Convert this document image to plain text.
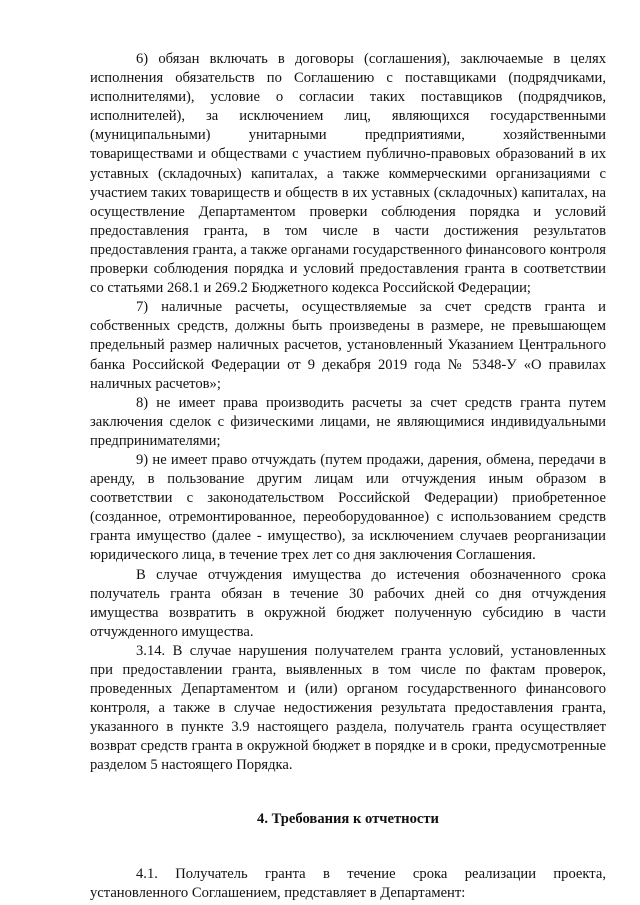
6) обязан включать в договоры (соглашения), заключаемые в целях исполнения обязательств по Соглашению с поставщиками (подрядчиками, исполнителями), условие о согласии таких поставщиков (подрядчиков, исполнителей), за исключением лиц, являющихся государственными (муниципальными) унитарными предприятиями, хозяйственными товариществами и обществами с участием публично-правовых образований в их уставных (складочных) капиталах, а также коммерческими организациями с участием таких товариществ и обществ в их уставных (складочных) капиталах, на осуществление Департаментом проверки соблюдения порядка и условий предоставления гранта, в том числе в части достижения результатов предоставления гранта, а также органами государственного финансового контроля проверки соблюдения порядка и условий предоставления гранта в соответствии со статьями 268.1 и 269.2 Бюджетного кодекса Российской Федерации;

7) наличные расчеты, осуществляемые за счет средств гранта и собственных средств, должны быть произведены в размере, не превышающем предельный размер наличных расчетов, установленный Указанием Центрального банка Российской Федерации от 9 декабря 2019 года № 5348-У «О правилах наличных расчетов»;

8) не имеет права производить расчеты за счет средств гранта путем заключения сделок с физическими лицами, не являющимися индивидуальными предпринимателями;

9) не имеет право отчуждать (путем продажи, дарения, обмена, передачи в аренду, в пользование другим лицам или отчуждения иным образом в соответствии с законодательством Российской Федерации) приобретенное (созданное, отремонтированное, переоборудованное) с использованием средств гранта имущество (далее - имущество), за исключением случаев реорганизации юридического лица, в течение трех лет со дня заключения Соглашения.

В случае отчуждения имущества до истечения обозначенного срока получатель гранта обязан в течение 30 рабочих дней со дня отчуждения имущества возвратить в окружной бюджет полученную субсидию в части отчужденного имущества.

3.14. В случае нарушения получателем гранта условий, установленных при предоставлении гранта, выявленных в том числе по фактам проверок, проведенных Департаментом и (или) органом государственного финансового контроля, а также в случае недостижения результата предоставления гранта, указанного в пункте 3.9 настоящего раздела, получатель гранта осуществляет возврат средств гранта в окружной бюджет в порядке и в сроки, предусмотренные разделом 5 настоящего Порядка.

4. Требования к отчетности

4.1. Получатель гранта в течение срока реализации проекта, установленного Соглашением, представляет в Департамент:
